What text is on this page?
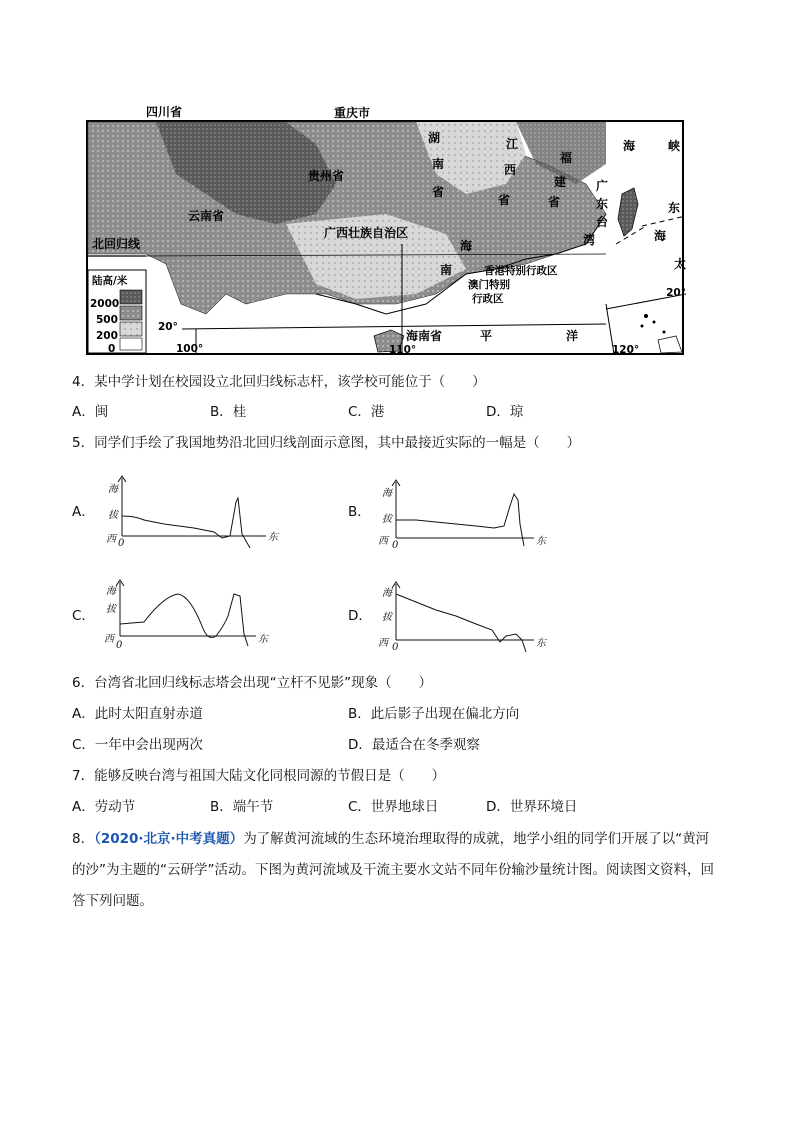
四川省	重庆市
贵州省
云南省
广西壮族自治区
湖
南
省
江
西
省
福
建
省
广
东
台
湾
海	峡
东
海
太
平	洋
海南省
海
南	香港特别行政区
澳门特别
行政区
北回归线
陆高/米
2000
500
200
0
20°
20°
100°	110°	120°
4．某中学计划在校园设立北回归线标志杆，该学校可能位于（　　）
A．闽	B．桂	C．港	D．琼
5．同学们手绘了我国地势沿北回归线剖面示意图，其中最接近实际的一幅是（　　）
A．
海
拔
西 0
东
B．
海
拔
西 0	东
C．
海
拔
西
0
东
D．
海
拔
西 0	东
6．台湾省北回归线标志塔会出现“立杆不见影”现象（　　）
A．此时太阳直射赤道	B．此后影子出现在偏北方向
C．一年中会出现两次	D．最适合在冬季观察
7．能够反映台湾与祖国大陆文化同根同源的节假日是（　　）
A．劳动节	B．端午节	C．世界地球日	D．世界环境日
8．（2020·北京·中考真题）为了解黄河流域的生态环境治理取得的成就，地学小组的同学们开展了以“黄河的沙”为主题的“云研学”活动。下图为黄河流域及干流主要水文站不同年份输沙量统计图。阅读图文资料，回答下列问题。
